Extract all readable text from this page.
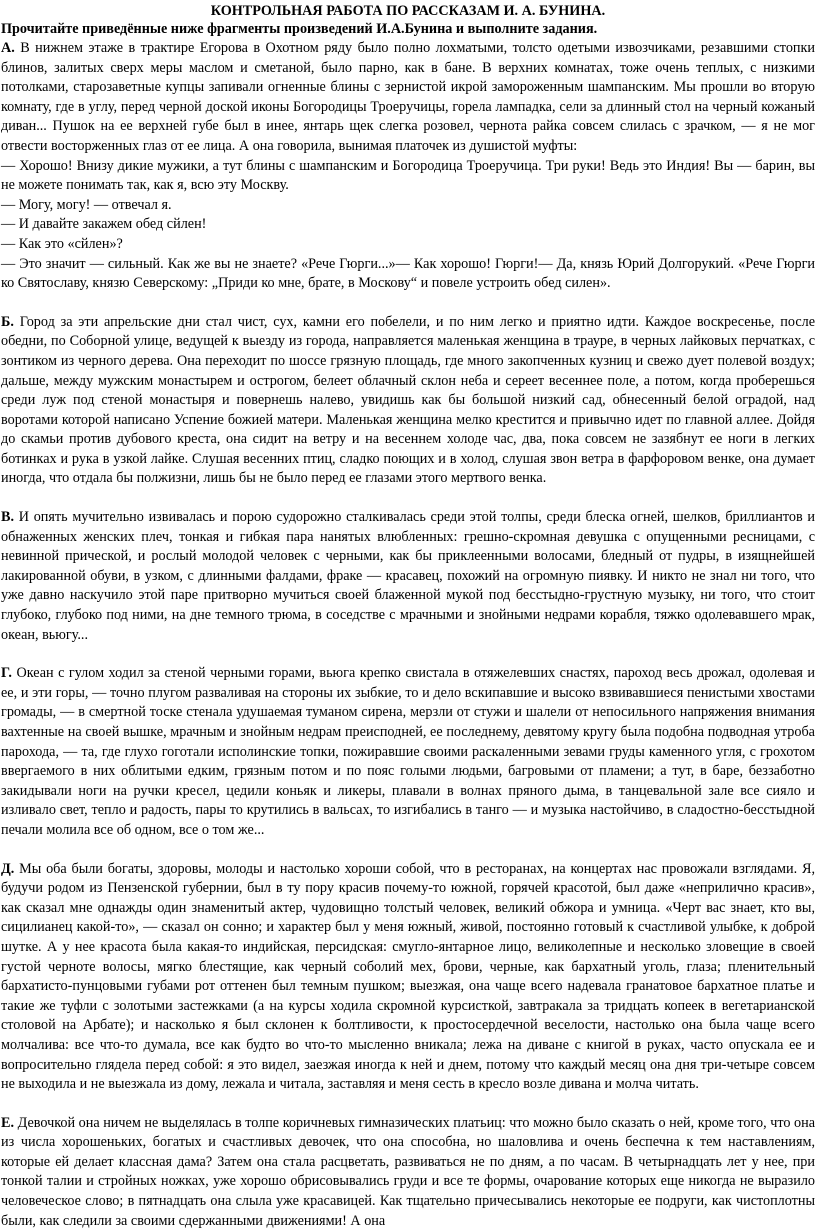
КОНТРОЛЬНАЯ РАБОТА ПО РАССКАЗАМ И. А. БУНИНА.
Прочитайте приведённые ниже фрагменты произведений И.А.Бунина и выполните задания.

А. В нижнем этаже в трактире Егорова в Охотном ряду было полно лохматыми, толсто одетыми извозчиками, резавшими стопки блинов, залитых сверх меры маслом и сметаной, было парно, как в бане. В верхних комнатах, тоже очень теплых, с низкими потолками, старозаветные купцы запивали огненные блины с зернистой икрой замороженным шампанским. Мы прошли во вторую комнату, где в углу, перед черной доской иконы Богородицы Троеручицы, горела лампадка, сели за длинный стол на черный кожаный диван... Пушок на ее верхней губе был в инее, янтарь щек слегка розовел, чернота райка совсем слилась с зрачком, — я не мог отвести восторженных глаз от ее лица. А она говорила, вынимая платочек из душистой муфты:

— Хорошо! Внизу дикие мужики, а тут блины с шампанским и Богородица Троеручица. Три руки! Ведь это Индия! Вы — барин, вы не можете понимать так, как я, всю эту Москву.

— Могу, могу! — отвечал я.

— И давайте закажем обед сйлен!

— Как это «сйлен»?

— Это значит — сильный. Как же вы не знаете? «Рече Гюрги...»— Как хорошо! Гюрги!— Да, князь Юрий Долгорукий. «Рече Гюрги ко Святославу, князю Северскому: „Приди ко мне, брате, в Москову“ и повеле устроить обед силен».

Б. Город за эти апрельские дни стал чист, сух, камни его побелели, и по ним легко и приятно идти. Каждое воскресенье, после обедни, по Соборной улице, ведущей к выезду из города, направляется маленькая женщина в трауре, в черных лайковых перчатках, с зонтиком из черного дерева. Она переходит по шоссе грязную площадь, где много закопченных кузниц и свежо дует полевой воздух; дальше, между мужским монастырем и острогом, белеет облачный склон неба и сереет весеннее поле, а потом, когда проберешься среди луж под стеной монастыря и повернешь налево, увидишь как бы большой низкий сад, обнесенный белой оградой, над воротами которой написано Успение божией матери. Маленькая женщина мелко крестится и привычно идет по главной аллее. Дойдя до скамьи против дубового креста, она сидит на ветру и на весеннем холоде час, два, пока совсем не зазябнут ее ноги в легких ботинках и рука в узкой лайке. Слушая весенних птиц, сладко поющих и в холод, слушая звон ветра в фарфоровом венке, она думает иногда, что отдала бы полжизни, лишь бы не было перед ее глазами этого мертвого венка.

В. И опять мучительно извивалась и порою судорожно сталкивалась среди этой толпы, среди блеска огней, шелков, бриллиантов и обнаженных женских плеч, тонкая и гибкая пара нанятых влюбленных: грешно-скромная девушка с опущенными ресницами, с невинной прической, и рослый молодой человек с черными, как бы приклеенными волосами, бледный от пудры, в изящнейшей лакированной обуви, в узком, с длинными фалдами, фраке — красавец, похожий на огромную пиявку. И никто не знал ни того, что уже давно наскучило этой паре притворно мучиться своей блаженной мукой под бесстыдно-грустную музыку, ни того, что стоит глубоко, глубоко под ними, на дне темного трюма, в соседстве с мрачными и знойными недрами корабля, тяжко одолевавшего мрак, океан, вьюгу...

Г. Океан с гулом ходил за стеной черными горами, вьюга крепко свистала в отяжелевших снастях, пароход весь дрожал, одолевая и ее, и эти горы, — точно плугом разваливая на стороны их зыбкие, то и дело вскипавшие и высоко взвивавшиеся пенистыми хвостами громады, — в смертной тоске стенала удушаемая туманом сирена, мерзли от стужи и шалели от непосильного напряжения внимания вахтенные на своей вышке, мрачным и знойным недрам преисподней, ее последнему, девятому кругу была подобна подводная утроба парохода, — та, где глухо гоготали исполинские топки, пожиравшие своими раскаленными зевами груды каменного угля, с грохотом ввергаемого в них облитыми едким, грязным потом и по пояс голыми людьми, багровыми от пламени; а тут, в баре, беззаботно закидывали ноги на ручки кресел, цедили коньяк и ликеры, плавали в волнах пряного дыма, в танцевальной зале все сияло и изливало свет, тепло и радость, пары то крутились в вальсах, то изгибались в танго — и музыка настойчиво, в сладостно-бесстыдной печали молила все об одном, все о том же...

Д. Мы оба были богаты, здоровы, молоды и настолько хороши собой, что в ресторанах, на концертах нас провожали взглядами. Я, будучи родом из Пензенской губернии, был в ту пору красив почему-то южной, горячей красотой, был даже «неприлично красив», как сказал мне однажды один знаменитый актер, чудовищно толстый человек, великий обжора и умница. «Черт вас знает, кто вы, сицилианец какой-то», — сказал он сонно; и характер был у меня южный, живой, постоянно готовый к счастливой улыбке, к доброй шутке. А у нее красота была какая-то индийская, персидская: смугло-янтарное лицо, великолепные и несколько зловещие в своей густой черноте волосы, мягко блестящие, как черный соболий мех, брови, черные, как бархатный уголь, глаза; пленительный бархатисто-пунцовыми губами рот оттенен был темным пушком; выезжая, она чаще всего надевала гранатовое бархатное платье и такие же туфли с золотыми застежками (а на курсы ходила скромной курсисткой, завтракала за тридцать копеек в вегетарианской столовой на Арбате); и насколько я был склонен к болтливости, к простосердечной веселости, настолько она была чаще всего молчалива: все что-то думала, все как будто во что-то мысленно вникала; лежа на диване с книгой в руках, часто опускала ее и вопросительно глядела перед собой: я это видел, заезжая иногда к ней и днем, потому что каждый месяц она дня три-четыре совсем не выходила и не выезжала из дому, лежала и читала, заставляя и меня сесть в кресло возле дивана и молча читать.

Е. Девочкой она ничем не выделялась в толпе коричневых гимназических платьиц: что можно было сказать о ней, кроме того, что она из числа хорошеньких, богатых и счастливых девочек, что она способна, но шаловлива и очень беспечна к тем наставлениям, которые ей делает классная дама? Затем она стала расцветать, развиваться не по дням, а по часам. В четырнадцать лет у нее, при тонкой талии и стройных ножках, уже хорошо обрисовывались груди и все те формы, очарование которых еще никогда не выразило человеческое слово; в пятнадцать она слыла уже красавицей. Как тщательно причесывались некоторые ее подруги, как чистоплотны были, как следили за своими сдержанными движениями! А она
